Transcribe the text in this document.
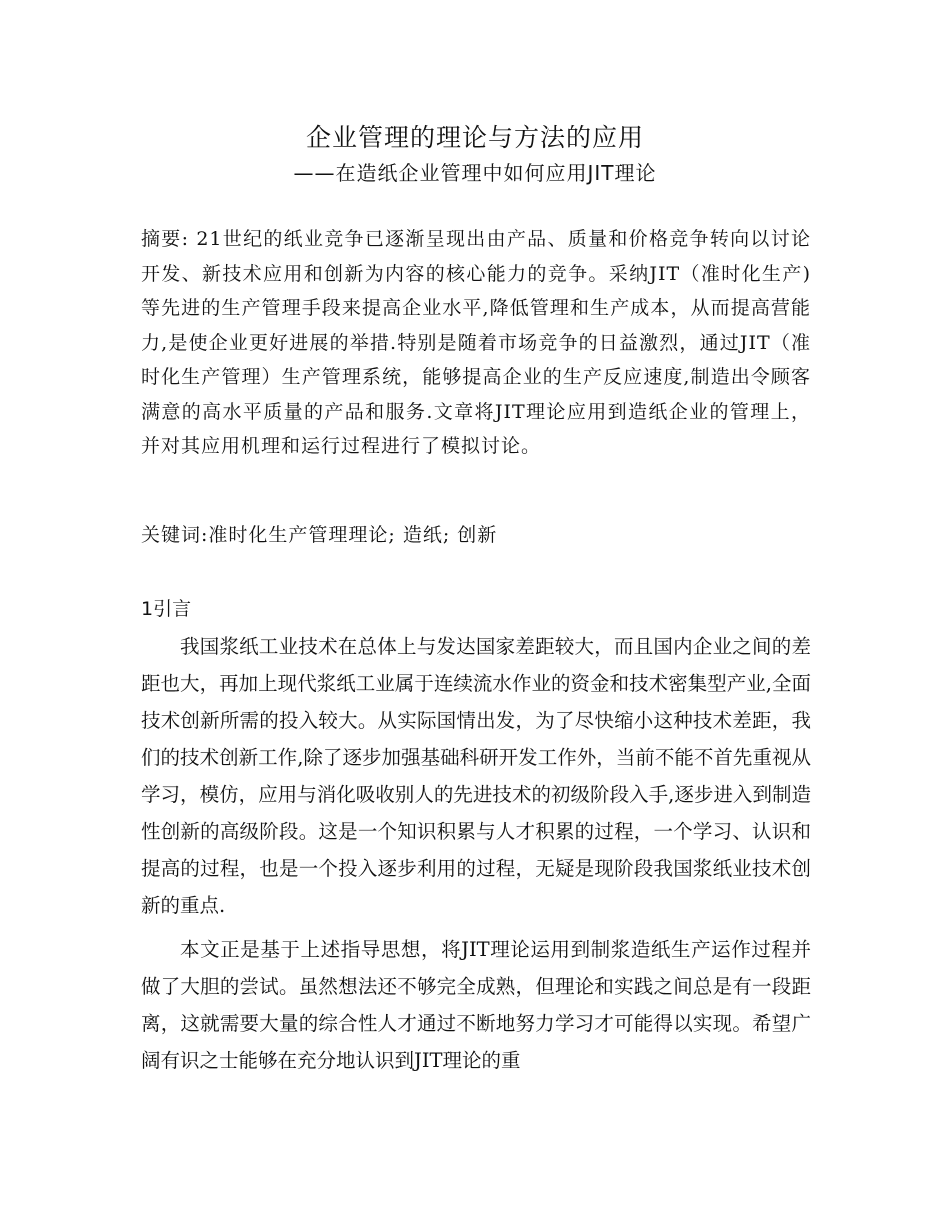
企业管理的理论与方法的应用
——在造纸企业管理中如何应用JIT理论

摘要: 21世纪的纸业竞争已逐渐呈现出由产品、质量和价格竞争转向以讨论开发、新技术应用和创新为内容的核心能力的竞争。采纳JIT（准时化生产)等先进的生产管理手段来提高企业水平,降低管理和生产成本，从而提高营能力,是使企业更好进展的举措.特别是随着市场竞争的日益激烈，通过JIT（准时化生产管理）生产管理系统，能够提高企业的生产反应速度,制造出令顾客满意的高水平质量的产品和服务.文章将JIT理论应用到造纸企业的管理上，并对其应用机理和运行过程进行了模拟讨论。

关键词:准时化生产管理理论; 造纸; 创新
1引言

我国浆纸工业技术在总体上与发达国家差距较大，而且国内企业之间的差距也大，再加上现代浆纸工业属于连续流水作业的资金和技术密集型产业,全面技术创新所需的投入较大。从实际国情出发，为了尽快缩小这种技术差距，我们的技术创新工作,除了逐步加强基础科研开发工作外，当前不能不首先重视从学习，模仿，应用与消化吸收别人的先进技术的初级阶段入手,逐步进入到制造性创新的高级阶段。这是一个知识积累与人才积累的过程，一个学习、认识和提高的过程，也是一个投入逐步利用的过程，无疑是现阶段我国浆纸业技术创新的重点.

本文正是基于上述指导思想，将JIT理论运用到制浆造纸生产运作过程并做了大胆的尝试。虽然想法还不够完全成熟，但理论和实践之间总是有一段距离，这就需要大量的综合性人才通过不断地努力学习才可能得以实现。希望广阔有识之士能够在充分地认识到JIT理论的重
